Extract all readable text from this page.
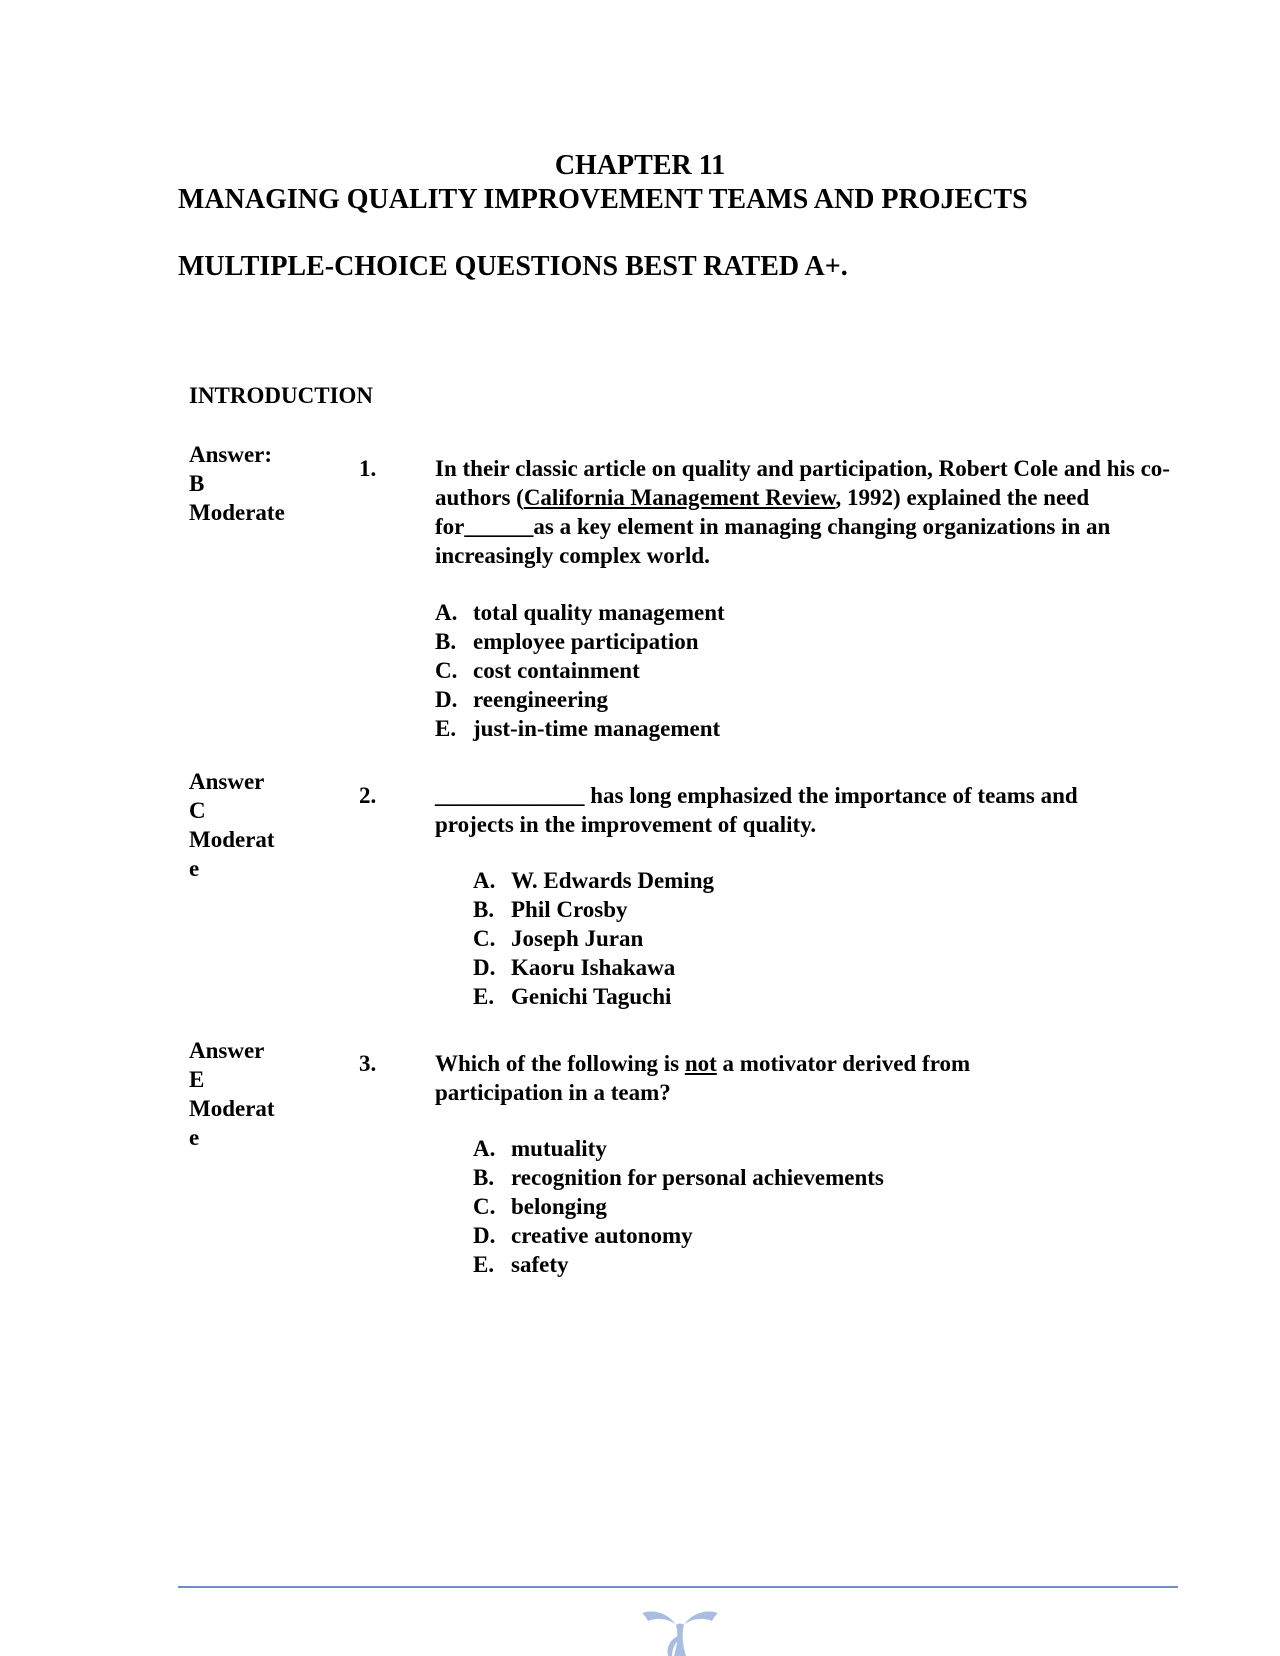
CHAPTER 11
MANAGING QUALITY IMPROVEMENT TEAMS AND PROJECTS
MULTIPLE-CHOICE QUESTIONS BEST RATED A+.
INTRODUCTION
Answer:
B
Moderate
1.	In their classic article on quality and participation, Robert Cole and his co-authors (California Management Review, 1992) explained the need for______as a key element in managing changing organizations in an increasingly complex world.
A. total quality management
B. employee participation
C. cost containment
D. reengineering
E. just-in-time management
Answer
C
Moderat
e
2.	_____________ has long emphasized the importance of teams and projects in the improvement of quality.
A. W. Edwards Deming
B. Phil Crosby
C. Joseph Juran
D. Kaoru Ishakawa
E. Genichi Taguchi
Answer
E
Moderat
e
3.	Which of the following is not a motivator derived from participation in a team?
A. mutuality
B. recognition for personal achievements
C. belonging
D. creative autonomy
E. safety
